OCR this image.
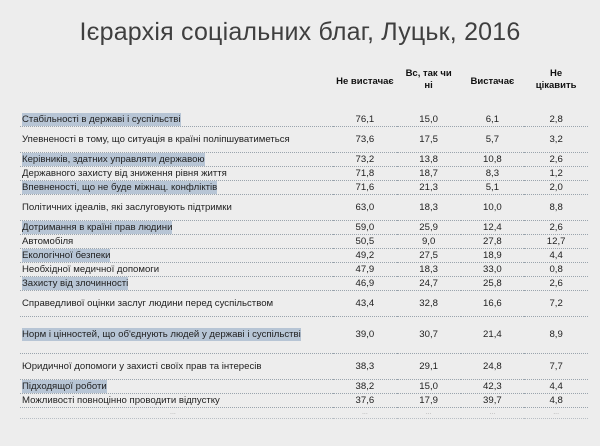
Ієрархія соціальних благ, Луцьк, 2016
	Не вистачає	Вс, так чи ні	Вистачає	Не цікавить
Стабільності в державі і суспільстві	76,1	15,0	6,1	2,8
Упевненості в тому, що ситуація в країні поліпшуватиметься	73,6	17,5	5,7	3,2
Керівників, здатних управляти державою	73,2	13,8	10,8	2,6
Державного захисту від зниження рівня життя	71,8	18,7	8,3	1,2
Впевненості, що не буде міжнац. конфліктів	71,6	21,3	5,1	2,0
Політичних ідеалів, які заслуговують підтримки	63,0	18,3	10,0	8,8
Дотримання в країні прав людини	59,0	25,9	12,4	2,6
Автомобіля	50,5	9,0	27,8	12,7
Екологічної безпеки	49,2	27,5	18,9	4,4
Необхідної медичної допомоги	47,9	18,3	33,0	0,8
Захисту від злочинності	46,9	24,7	25,8	2,6
Справедливої оцінки заслуг людини перед суспільством	43,4	32,8	16,6	7,2
Норм і цінностей, що об'єднують людей у державі і суспільстві	39,0	30,7	21,4	8,9
Юридичної допомоги у захисті своїх прав та інтересів	38,3	29,1	24,8	7,7
Підходящої роботи	38,2	15,0	42,3	4,4
Можливості повноцінно проводити відпустку	37,6	17,9	39,7	4,8
...	...	...	...	...
